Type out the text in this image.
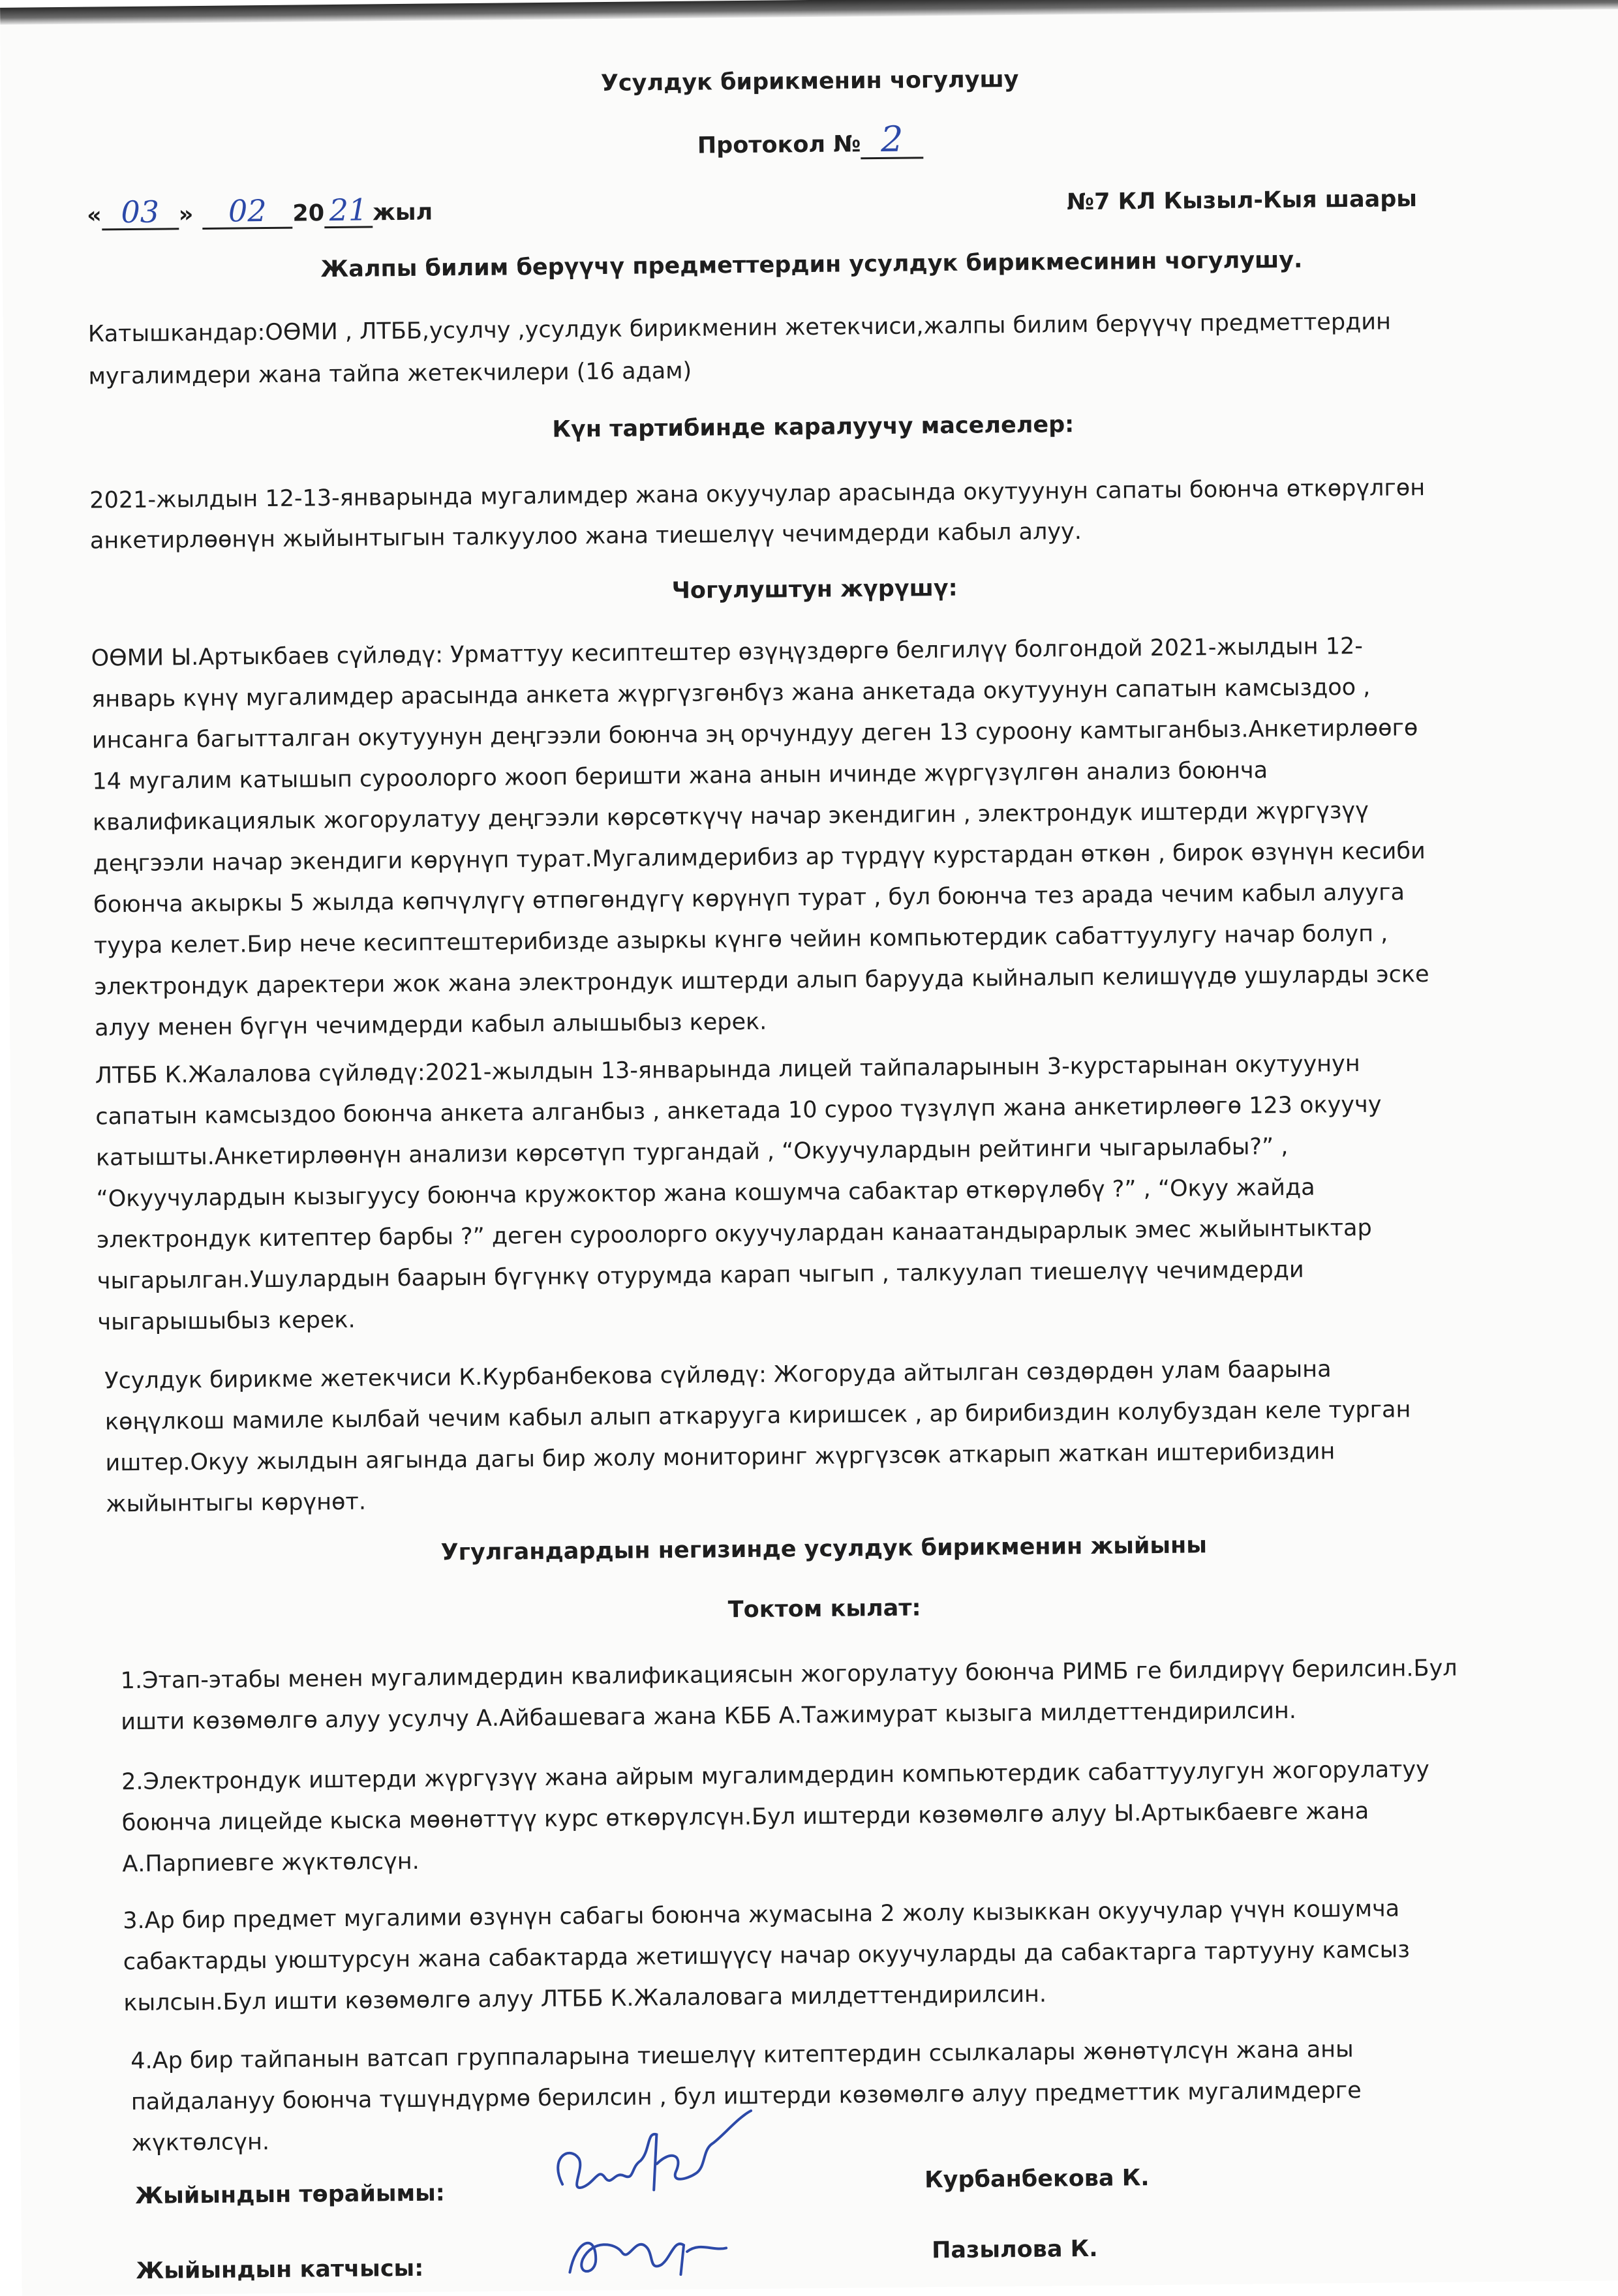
Усулдук бирикменин чогулушу
Протокол № 2
« 03 » 02 20 21 жыл	№7 КЛ Кызыл-Кыя шаары
Жалпы билим берүүчү предметтердин усулдук бирикмесинин чогулушу.
Катышкандар:ОӨМИ , ЛТББ,усулчу ,усулдук бирикменин жетекчиси,жалпы билим берүүчү предметтердин
мугалимдери жана тайпа жетекчилери (16 адам)
Күн тартибинде каралуучу маселелер:
2021-жылдын 12-13-январында мугалимдер жана окуучулар арасында окутуунун сапаты боюнча өткөрүлгөн
анкетирлөөнүн жыйынтыгын талкуулоо жана тиешелүү чечимдерди кабыл алуу.
Чогулуштун жүрүшү:
ОӨМИ Ы.Артыкбаев сүйлөдү: Урматтуу кесиптештер өзүңүздөргө белгилүү болгондой 2021-жылдын 12-
январь күнү мугалимдер арасында анкета жүргүзгөнбүз жана анкетада окутуунун сапатын камсыздоо ,
инсанга багытталган окутуунун деңгээли боюнча эң орчундуу деген 13 суроону камтыганбыз.Анкетирлөөгө
14 мугалим катышып суроолорго жооп беришти жана анын ичинде жүргүзүлгөн анализ боюнча
квалификациялык жогорулатуу деңгээли көрсөткүчү начар экендигин , электрондук иштерди жүргүзүү
деңгээли начар экендиги көрүнүп турат.Мугалимдерибиз ар түрдүү курстардан өткөн , бирок өзүнүн кесиби
боюнча акыркы 5 жылда көпчүлүгү өтпөгөндүгү көрүнүп турат , бул боюнча тез арада чечим кабыл алууга
туура келет.Бир нече кесиптештерибизде азыркы күнгө чейин компьютердик сабаттуулугу начар болуп ,
электрондук даректери жок жана электрондук иштерди алып барууда кыйналып келишүүдө ушуларды эске
алуу менен бүгүн чечимдерди кабыл алышыбыз керек.
ЛТББ К.Жалалова сүйлөдү:2021-жылдын 13-январында лицей тайпаларынын 3-курстарынан окутуунун
сапатын камсыздоо боюнча анкета алганбыз , анкетада 10 суроо түзүлүп жана анкетирлөөгө 123 окуучу
катышты.Анкетирлөөнүн анализи көрсөтүп тургандай , “Окуучулардын рейтинги чыгарылабы?” ,
“Окуучулардын кызыгуусу боюнча кружоктор жана кошумча сабактар өткөрүлөбү ?” , “Окуу жайда
электрондук китептер барбы ?” деген суроолорго окуучулардан канаатандырарлык эмес жыйынтыктар
чыгарылган.Ушулардын баарын бүгүнкү отурумда карап чыгып , талкуулап тиешелүү чечимдерди
чыгарышыбыз керек.
Усулдук бирикме жетекчиси К.Курбанбекова сүйлөдү: Жогоруда айтылган сөздөрдөн улам баарына
көңүлкош мамиле кылбай чечим кабыл алып аткарууга киришсек , ар бирибиздин колубуздан келе турган
иштер.Окуу жылдын аягында дагы бир жолу мониторинг жүргүзсөк аткарып жаткан иштерибиздин
жыйынтыгы көрүнөт.
Угулгандардын негизинде усулдук бирикменин жыйыны
Токтом кылат:
1.Этап-этабы менен мугалимдердин квалификациясын жогорулатуу боюнча РИМБ ге билдирүү берилсин.Бул
ишти көзөмөлгө алуу усулчу А.Айбашевага жана КББ А.Тажимурат кызыга милдеттендирилсин.
2.Электрондук иштерди жүргүзүү жана айрым мугалимдердин компьютердик сабаттуулугун жогорулатуу
боюнча лицейде кыска мөөнөттүү курс өткөрүлсүн.Бул иштерди көзөмөлгө алуу Ы.Артыкбаевге жана
А.Парпиевге жүктөлсүн.
3.Ар бир предмет мугалими өзүнүн сабагы боюнча жумасына 2 жолу кызыккан окуучулар үчүн кошумча
сабактарды уюштурсун жана сабактарда жетишүүсү начар окуучуларды да сабактарга тартууну камсыз
кылсын.Бул ишти көзөмөлгө алуу ЛТББ К.Жалаловага милдеттендирилсин.
4.Ар бир тайпанын ватсап группаларына тиешелүү китептердин ссылкалары жөнөтүлсүн жана аны
пайдалануу боюнча түшүндүрмө берилсин , бул иштерди көзөмөлгө алуу предметтик мугалимдерге
жүктөлсүн.
Жыйындын төрайымы:
Курбанбекова К.
Жыйындын катчысы:
Пазылова К.
